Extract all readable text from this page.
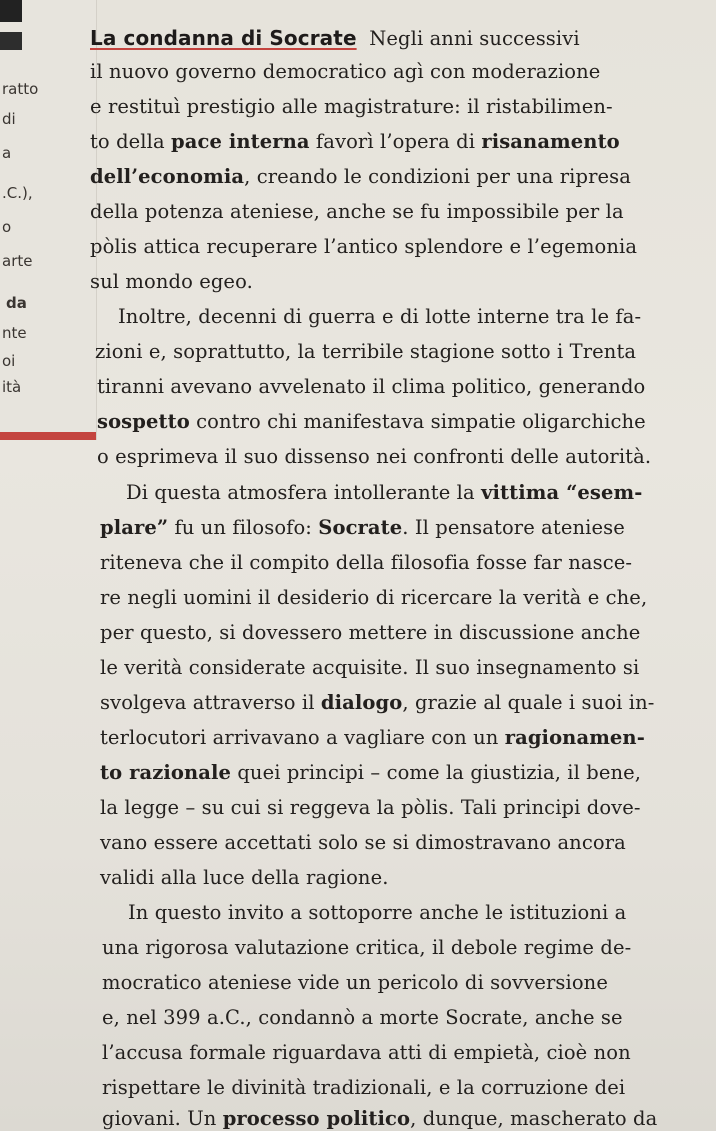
ratto
di
a
.C.),
o
arte
da
nte
oi
ità
La condanna di Socrate Negli anni successivi
il nuovo governo democratico agì con moderazione
e restituì prestigio alle magistrature: il ristabilimen-
to della pace interna favorì l’opera di risanamento
dell’economia, creando le condizioni per una ripresa
della potenza ateniese, anche se fu impossibile per la
pòlis attica recuperare l’antico splendore e l’egemonia
sul mondo egeo.
Inoltre, decenni di guerra e di lotte interne tra le fa-
zioni e, soprattutto, la terribile stagione sotto i Trenta
tiranni avevano avvelenato il clima politico, generando
sospetto contro chi manifestava simpatie oligarchiche
o esprimeva il suo dissenso nei confronti delle autorità.
Di questa atmosfera intollerante la vittima “esem-
plare” fu un filosofo: Socrate. Il pensatore ateniese
riteneva che il compito della filosofia fosse far nasce-
re negli uomini il desiderio di ricercare la verità e che,
per questo, si dovessero mettere in discussione anche
le verità considerate acquisite. Il suo insegnamento si
svolgeva attraverso il dialogo, grazie al quale i suoi in-
terlocutori arrivavano a vagliare con un ragionamen-
to razionale quei principi – come la giustizia, il bene,
la legge – su cui si reggeva la pòlis. Tali principi dove-
vano essere accettati solo se si dimostravano ancora
validi alla luce della ragione.
In questo invito a sottoporre anche le istituzioni a
una rigorosa valutazione critica, il debole regime de-
mocratico ateniese vide un pericolo di sovversione
e, nel 399 a.C., condannò a morte Socrate, anche se
l’accusa formale riguardava atti di empietà, cioè non
rispettare le divinità tradizionali, e la corruzione dei
giovani. Un processo politico, dunque, mascherato da
